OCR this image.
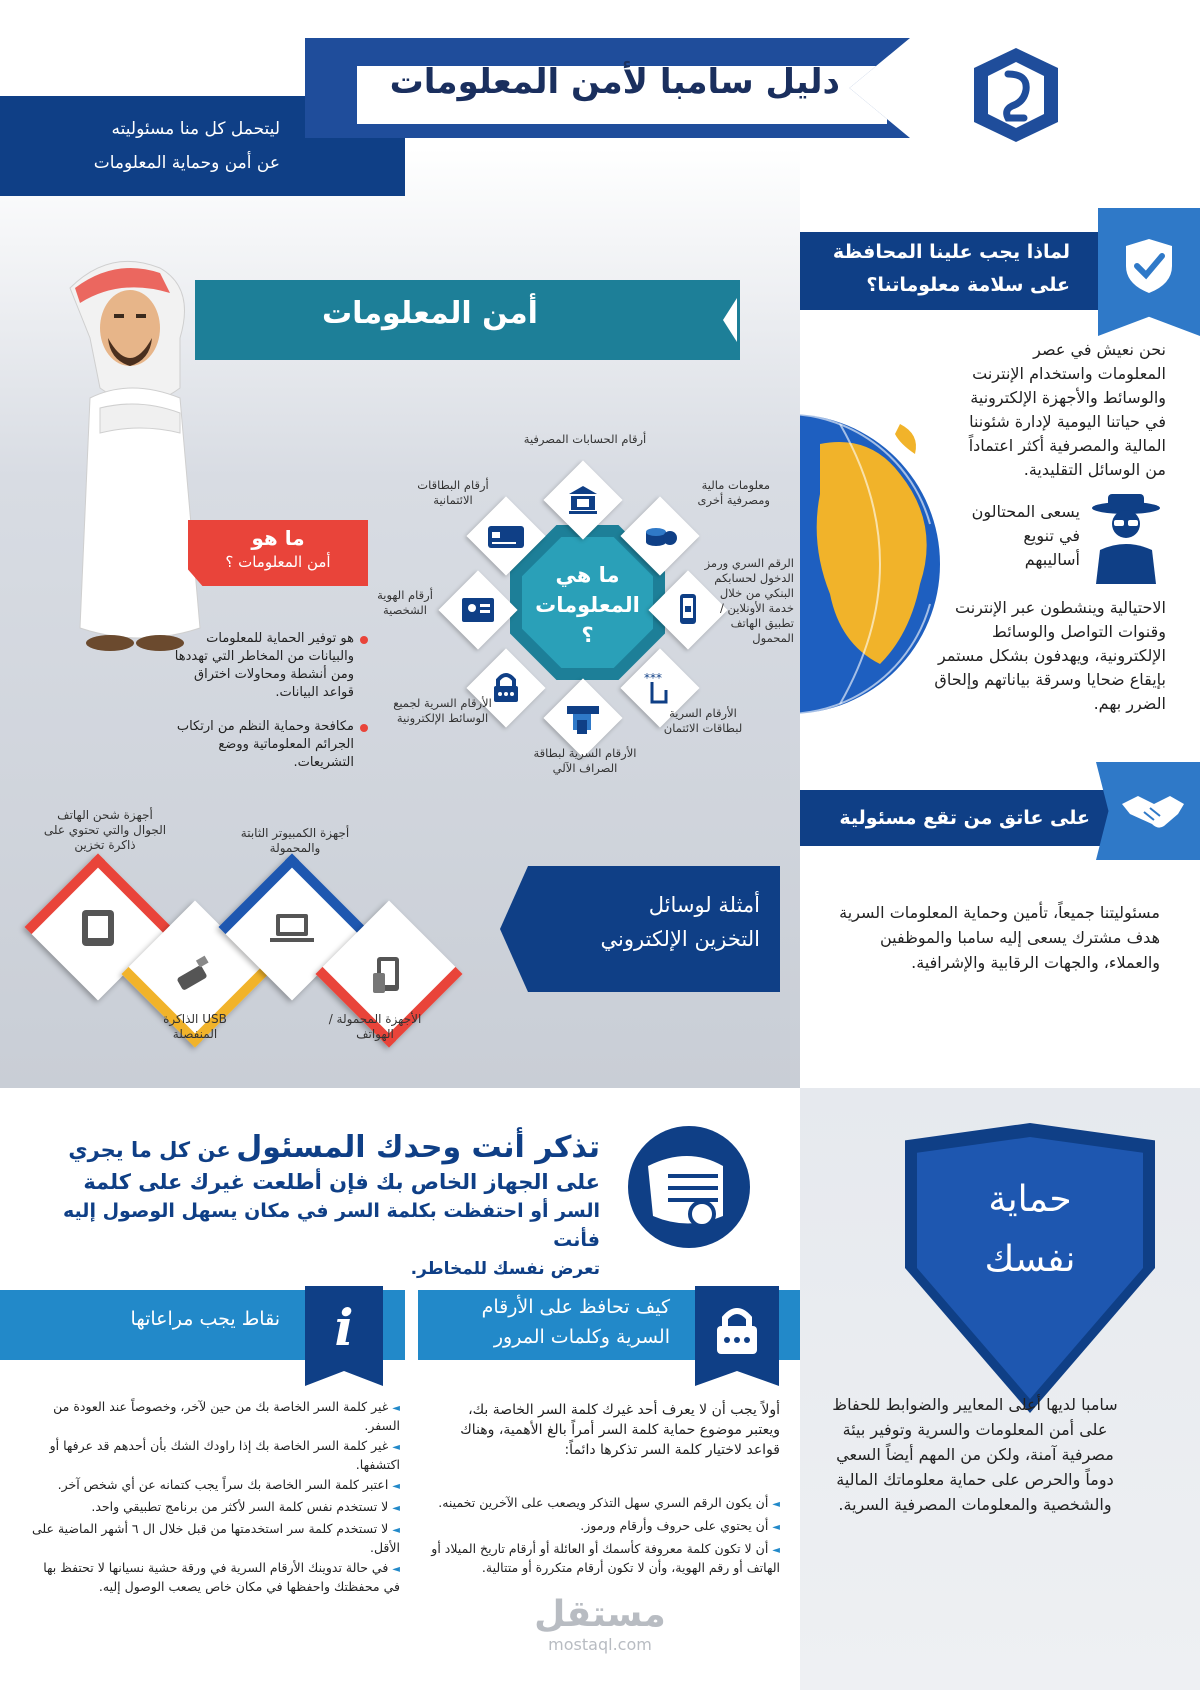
ليتحمل كل منا مسئوليته
عن أمن وحماية المعلومات
دليل سامبا لأمن المعلومات
لماذا يجب علينا المحافظة
على سلامة معلوماتنا؟
نحن نعيش في عصر المعلومات واستخدام الإنترنت والوسائط والأجهزة الإلكترونية في حياتنا اليومية لإدارة شئوننا المالية والمصرفية أكثر اعتماداً من الوسائل التقليدية.
يسعى المحتالون في تنويع أساليبهم
الاحتيالية وينشطون عبر الإنترنت وقنوات التواصل والوسائط الإلكترونية، ويهدفون بشكل مستمر بإيقاع ضحايا وسرقة بياناتهم وإلحاق الضرر بهم.
على عاتق من تقع مسئولية
مسئوليتنا جميعاً، تأمين وحماية المعلومات السرية هدف مشترك يسعى إليه سامبا والموظفين والعملاء، والجهات الرقابية والإشرافية.
أمن المعلومات
ما هو
أمن المعلومات ؟
هو توفير الحماية للمعلومات والبيانات من المخاطر التي تهددها ومن أنشطة ومحاولات اختراق قواعد البيانات.
مكافحة وحماية النظم من ارتكاب الجرائم المعلوماتية ووضع التشريعات.
ما هي
المعلومات
؟
أرقام الحسابات المصرفية
معلومات مالية ومصرفية أخرى
الرقم السري ورمز الدخول لحسابكم البنكي من خلال خدمة الأونلاين / تطبيق الهاتف المحمول
***
الأرقام السرية لبطاقات الائتمان
الأرقام السرية لبطاقة الصراف الآلي
الأرقام السرية لجميع الوسائط الإلكترونية
أرقام الهوية الشخصية
أرقام البطاقات الائتمانية
أمثلة لوسائل
التخزين الإلكتروني
أجهزة شحن الهاتف الجوال والتي تحتوي على ذاكرة تخزين
USB الذاكرة المنفصلة
أجهزة الكمبيوتر الثابتة والمحمولة
الأجهزة المحمولة / الهواتف
تذكر أنت وحدك المسئول عن كل ما يجري
على الجهاز الخاص بك فإن أطلعت غيرك على كلمة
السر أو احتفظت بكلمة السر في مكان يسهل الوصول إليه فأنت
تعرض نفسك للمخاطر.
حماية
نفسك
سامبا لديها أعلى المعايير والضوابط للحفاظ على أمن المعلومات والسرية وتوفير بيئة مصرفية آمنة، ولكن من المهم أيضاً السعي دوماً والحرص على حماية معلوماتك المالية والشخصية والمعلومات المصرفية السرية.
نقاط يجب مراعاتها	i	كيف تحافظ على الأرقام
السرية وكلمات المرور
أولاً يجب أن لا يعرف أحد غيرك كلمة السر الخاصة بك، ويعتبر موضوع حماية كلمة السر أمراً بالغ الأهمية، وهناك قواعد لاختيار كلمة السر تذكرها دائماً:
◄ أن يكون الرقم السري سهل التذكر ويصعب على الآخرين تخمينه.
◄ أن يحتوي على حروف وأرقام ورموز.
◄ أن لا تكون كلمة معروفة كأسمك أو العائلة أو أرقام تاريخ الميلاد أو الهاتف أو رقم الهوية، وأن لا تكون أرقام متكررة أو متتالية.
◄ غير كلمة السر الخاصة بك من حين لآخر، وخصوصاً عند العودة من السفر.
◄ غير كلمة السر الخاصة بك إذا راودك الشك بأن أحدهم قد عرفها أو اكتشفها.
◄ اعتبر كلمة السر الخاصة بك سراً يجب كتمانه عن أي شخص آخر.
◄ لا تستخدم نفس كلمة السر لأكثر من برنامج تطبيقي واحد.
◄ لا تستخدم كلمة سر استخدمتها من قبل خلال ال ٦ أشهر الماضية على الأقل.
◄ في حالة تدوينك الأرقام السرية في ورقة حشية نسيانها لا تحتفظ بها في محفظتك واحفظها في مكان خاص يصعب الوصول إليه.
مستقل
mostaql.com
